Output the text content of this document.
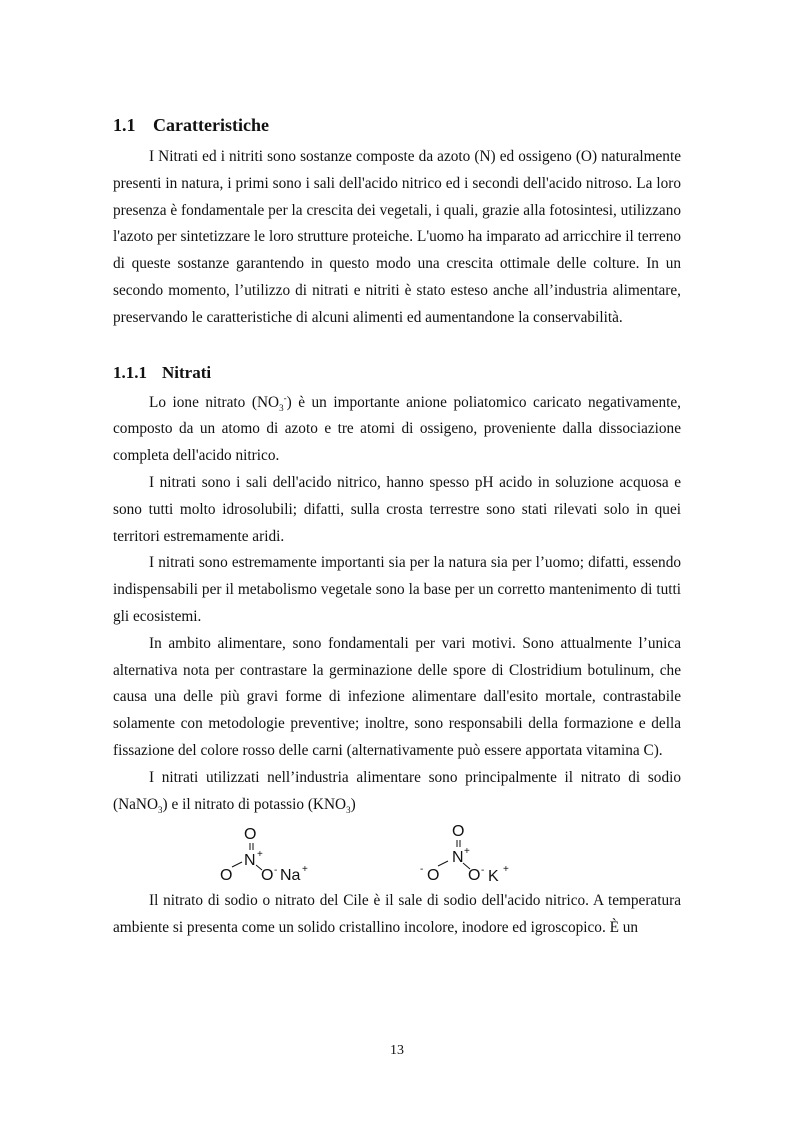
1.1 Caratteristiche

I Nitrati ed i nitriti sono sostanze composte da azoto (N) ed ossigeno (O) naturalmente presenti in natura, i primi sono i sali dell'acido nitrico ed i secondi dell'acido nitroso. La loro presenza è fondamentale per la crescita dei vegetali, i quali, grazie alla fotosintesi, utilizzano l'azoto per sintetizzare le loro strutture proteiche. L'uomo ha imparato ad arricchire il terreno di queste sostanze garantendo in questo modo una crescita ottimale delle colture. In un secondo momento, l’utilizzo di nitrati e nitriti è stato esteso anche all’industria alimentare, preservando le caratteristiche di alcuni alimenti ed aumentandone la conservabilità.

1.1.1 Nitrati

Lo ione nitrato $(NO_3^-)$ è un importante anione poliatomico caricato negativamente, composto da un atomo di azoto e tre atomi di ossigeno, proveniente dalla dissociazione completa dell'acido nitrico.

I nitrati sono i sali dell'acido nitrico, hanno spesso pH acido in soluzione acquosa e sono tutti molto idrosolubili; difatti, sulla crosta terrestre sono stati rilevati solo in quei territori estremamente aridi.

I nitrati sono estremamente importanti sia per la natura sia per l’uomo; difatti, essendo indispensabili per il metabolismo vegetale sono la base per un corretto mantenimento di tutti gli ecosistemi.

In ambito alimentare, sono fondamentali per vari motivi. Sono attualmente l’unica alternativa nota per contrastare la germinazione delle spore di Clostridium botulinum, che causa una delle più gravi forme di infezione alimentare dall'esito mortale, contrastabile solamente con metodologie preventive; inoltre, sono responsabili della formazione e della fissazione del colore rosso delle carni (alternativamente può essere apportata vitamina C).

I nitrati utilizzati nell’industria alimentare sono principalmente il nitrato di sodio (NaNO$_3$) e il nitrato di potassio $(KNO_3)$

O
N +
O O - Na +
O
N +
- O O - K +

Il nitrato di sodio o nitrato del Cile è il sale di sodio dell'acido nitrico. A temperatura ambiente si presenta come un solido cristallino incolore, inodore ed igroscopico. È un

13
